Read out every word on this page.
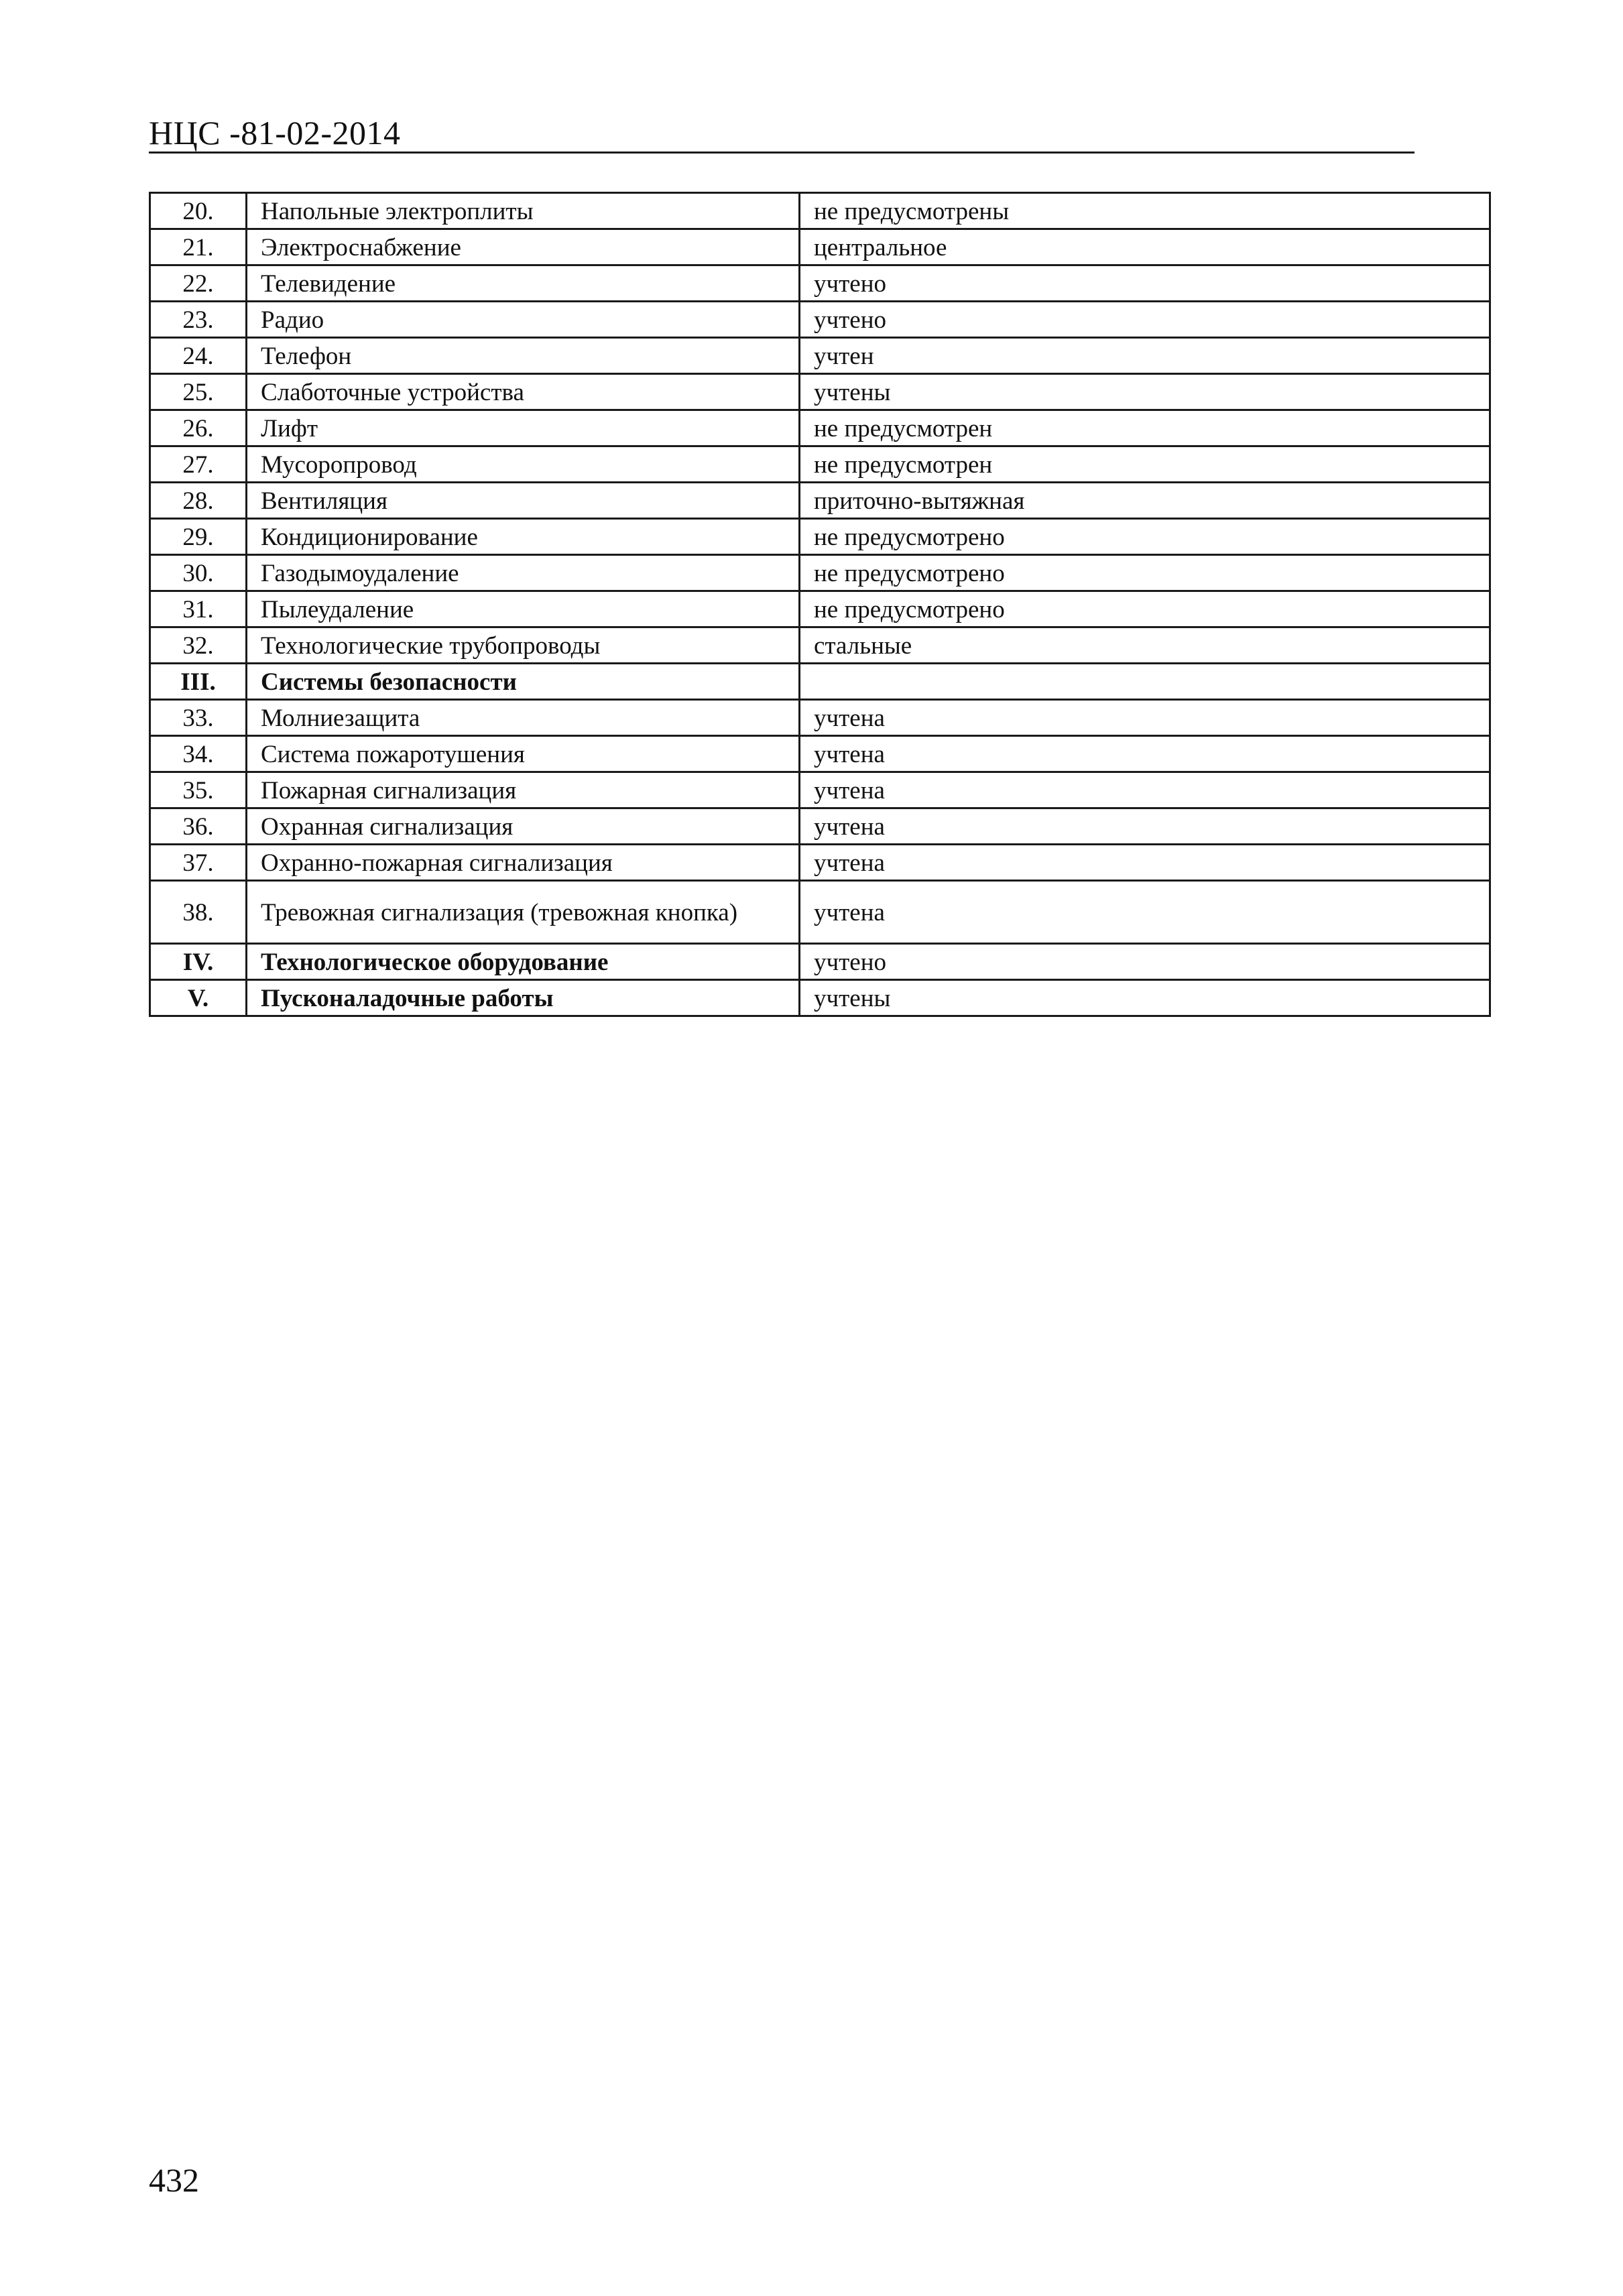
НЦС -81-02-2014
20.	Напольные электроплиты	не предусмотрены
21.	Электроснабжение	центральное
22.	Телевидение	учтено
23.	Радио	учтено
24.	Телефон	учтен
25.	Слаботочные устройства	учтены
26.	Лифт	не предусмотрен
27.	Мусоропровод	не предусмотрен
28.	Вентиляция	приточно-вытяжная
29.	Кондиционирование	не предусмотрено
30.	Газодымоудаление	не предусмотрено
31.	Пылеудаление	не предусмотрено
32.	Технологические трубопроводы	стальные
III.	Системы безопасности	
33.	Молниезащита	учтена
34.	Система пожаротушения	учтена
35.	Пожарная сигнализация	учтена
36.	Охранная сигнализация	учтена
37.	Охранно-пожарная сигнализация	учтена
38.	Тревожная сигнализация (тревожная кнопка)	учтена
IV.	Технологическое оборудование	учтено
V.	Пусконаладочные работы	учтены
432
